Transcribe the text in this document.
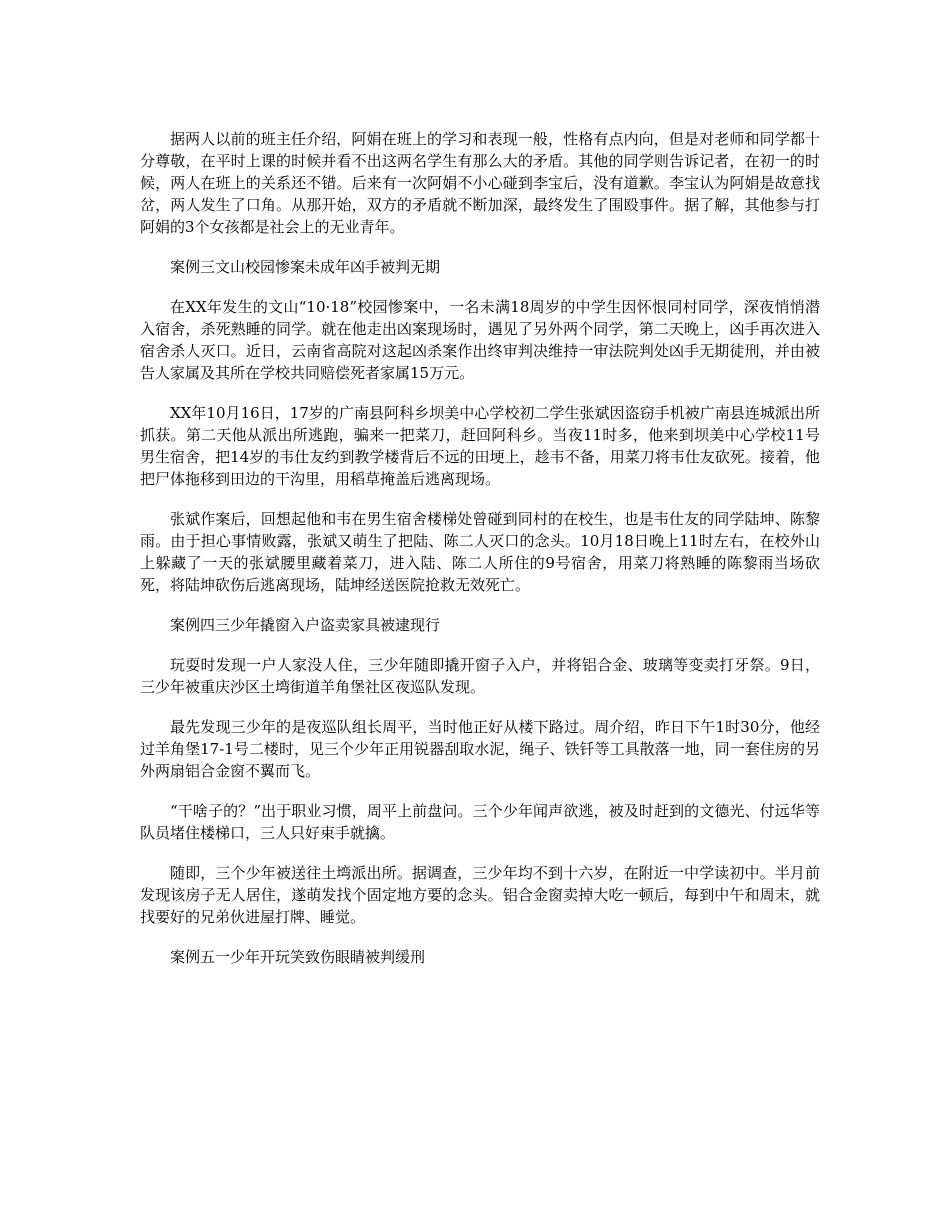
据两人以前的班主任介绍，阿娟在班上的学习和表现一般，性格有点内向，但是对老师和同学都十分尊敬，在平时上课的时候并看不出这两名学生有那么大的矛盾。其他的同学则告诉记者，在初一的时候，两人在班上的关系还不错。后来有一次阿娟不小心碰到李宝后，没有道歉。李宝认为阿娟是故意找岔，两人发生了口角。从那开始，双方的矛盾就不断加深，最终发生了围殴事件。据了解，其他参与打阿娟的3个女孩都是社会上的无业青年。

案例三文山校园惨案未成年凶手被判无期

在XX年发生的文山“10·18”校园惨案中，一名未满18周岁的中学生因怀恨同村同学，深夜悄悄潜入宿舍，杀死熟睡的同学。就在他走出凶案现场时，遇见了另外两个同学，第二天晚上，凶手再次进入宿舍杀人灭口。近日，云南省高院对这起凶杀案作出终审判决维持一审法院判处凶手无期徒刑，并由被告人家属及其所在学校共同赔偿死者家属15万元。

XX年10月16日，17岁的广南县阿科乡坝美中心学校初二学生张斌因盗窃手机被广南县连城派出所抓获。第二天他从派出所逃跑，骗来一把菜刀，赶回阿科乡。当夜11时多，他来到坝美中心学校11号男生宿舍，把14岁的韦仕友约到教学楼背后不远的田埂上，趁韦不备，用菜刀将韦仕友砍死。接着，他把尸体拖移到田边的干沟里，用稻草掩盖后逃离现场。

张斌作案后，回想起他和韦在男生宿舍楼梯处曾碰到同村的在校生，也是韦仕友的同学陆坤、陈黎雨。由于担心事情败露，张斌又萌生了把陆、陈二人灭口的念头。10月18日晚上11时左右，在校外山上躲藏了一天的张斌腰里藏着菜刀，进入陆、陈二人所住的9号宿舍，用菜刀将熟睡的陈黎雨当场砍死，将陆坤砍伤后逃离现场，陆坤经送医院抢救无效死亡。

案例四三少年撬窗入户盗卖家具被逮现行

玩耍时发现一户人家没人住，三少年随即撬开窗子入户，并将铝合金、玻璃等变卖打牙祭。9日，三少年被重庆沙区土塆街道羊角堡社区夜巡队发现。

最先发现三少年的是夜巡队组长周平，当时他正好从楼下路过。周介绍，昨日下午1时30分，他经过羊角堡17-1号二楼时，见三个少年正用锐器刮取水泥，绳子、铁钎等工具散落一地，同一套住房的另外两扇铝合金窗不翼而飞。

“干啥子的？”出于职业习惯，周平上前盘问。三个少年闻声欲逃，被及时赶到的文德光、付远华等队员堵住楼梯口，三人只好束手就擒。

随即，三个少年被送往土塆派出所。据调查，三少年均不到十六岁，在附近一中学读初中。半月前发现该房子无人居住，遂萌发找个固定地方要的念头。铝合金窗卖掉大吃一顿后，每到中午和周末，就找要好的兄弟伙进屋打牌、睡觉。

案例五一少年开玩笑致伤眼睛被判缓刑
